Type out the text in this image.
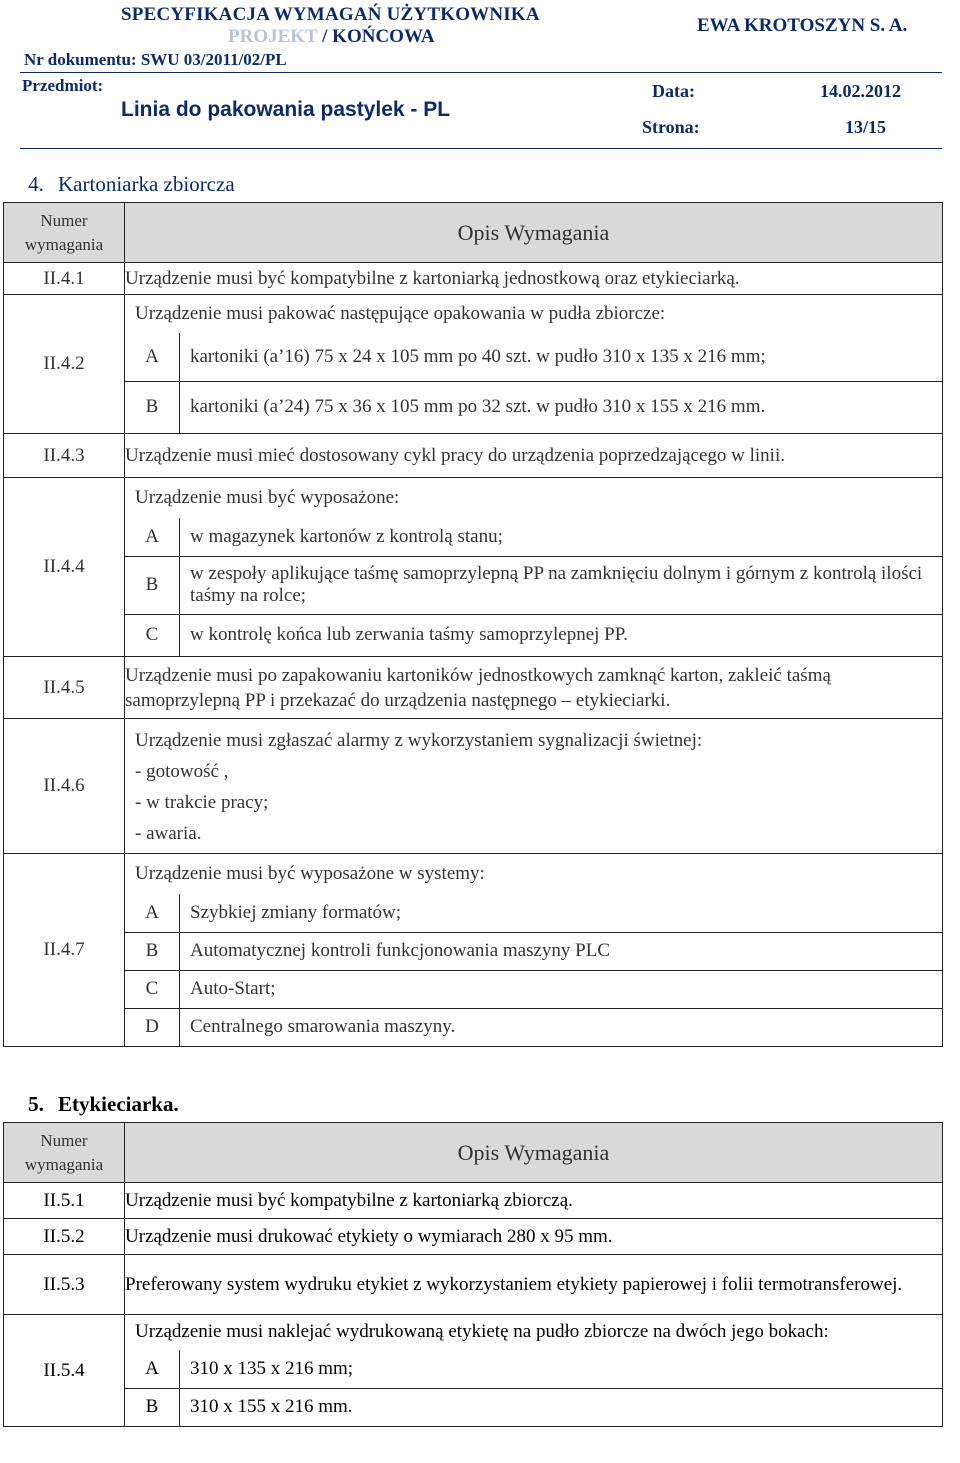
SPECYFIKACJA WYMAGAŃ UŻYTKOWNIKA
PROJEKT / KOŃCOWA
EWA KROTOSZYN S. A.
Nr dokumentu: SWU 03/2011/02/PL
Przedmiot:
Linia do pakowania pastylek - PL
Data:	14.02.2012
Strona:	13/15
4. Kartoniarka zbiorcza
Numer wymagania	Opis Wymagania
II.4.1	Urządzenie musi być kompatybilne z kartoniarką jednostkową oraz etykieciarką.
II.4.2	
Urządzenie musi pakować następujące opakowania w pudła zbiorcze:
A	kartoniki (a’16) 75 x 24 x 105 mm po 40 szt. w pudło 310 x 135 x 216 mm;
B	kartoniki (a’24) 75 x 36 x 105 mm po 32 szt. w pudło 310 x 155 x 216 mm.

II.4.3	Urządzenie musi mieć dostosowany cykl pracy do urządzenia poprzedzającego w linii.
II.4.4	
Urządzenie musi być wyposażone:
A	w magazynek kartonów z kontrolą stanu;
B	w zespoły aplikujące taśmę samoprzylepną PP na zamknięciu dolnym i górnym z kontrolą ilości taśmy na rolce;
C	w kontrolę końca lub zerwania taśmy samoprzylepnej PP.

II.4.5	Urządzenie musi po zapakowaniu kartoników jednostkowych zamknąć karton, zakleić taśmą samoprzylepną PP i przekazać do urządzenia następnego – etykieciarki.
II.4.6	
Urządzenie musi zgłaszać alarmy z wykorzystaniem sygnalizacji świetnej:
- gotowość ,
- w trakcie pracy;
- awaria.

II.4.7	
Urządzenie musi być wyposażone w systemy:
A	Szybkiej zmiany formatów;
B	Automatycznej kontroli funkcjonowania maszyny PLC
C	Auto-Start;
D	Centralnego smarowania maszyny.
5. Etykieciarka.
Numer wymagania	Opis Wymagania
II.5.1	Urządzenie musi być kompatybilne z kartoniarką zbiorczą.
II.5.2	Urządzenie musi drukować etykiety o wymiarach 280 x 95 mm.
II.5.3	Preferowany system wydruku etykiet z wykorzystaniem etykiety papierowej i folii termotransferowej.
II.5.4	
Urządzenie musi naklejać wydrukowaną etykietę na pudło zbiorcze na dwóch jego bokach:
A	310 x 135 x 216 mm;
B	310 x 155 x 216 mm.
